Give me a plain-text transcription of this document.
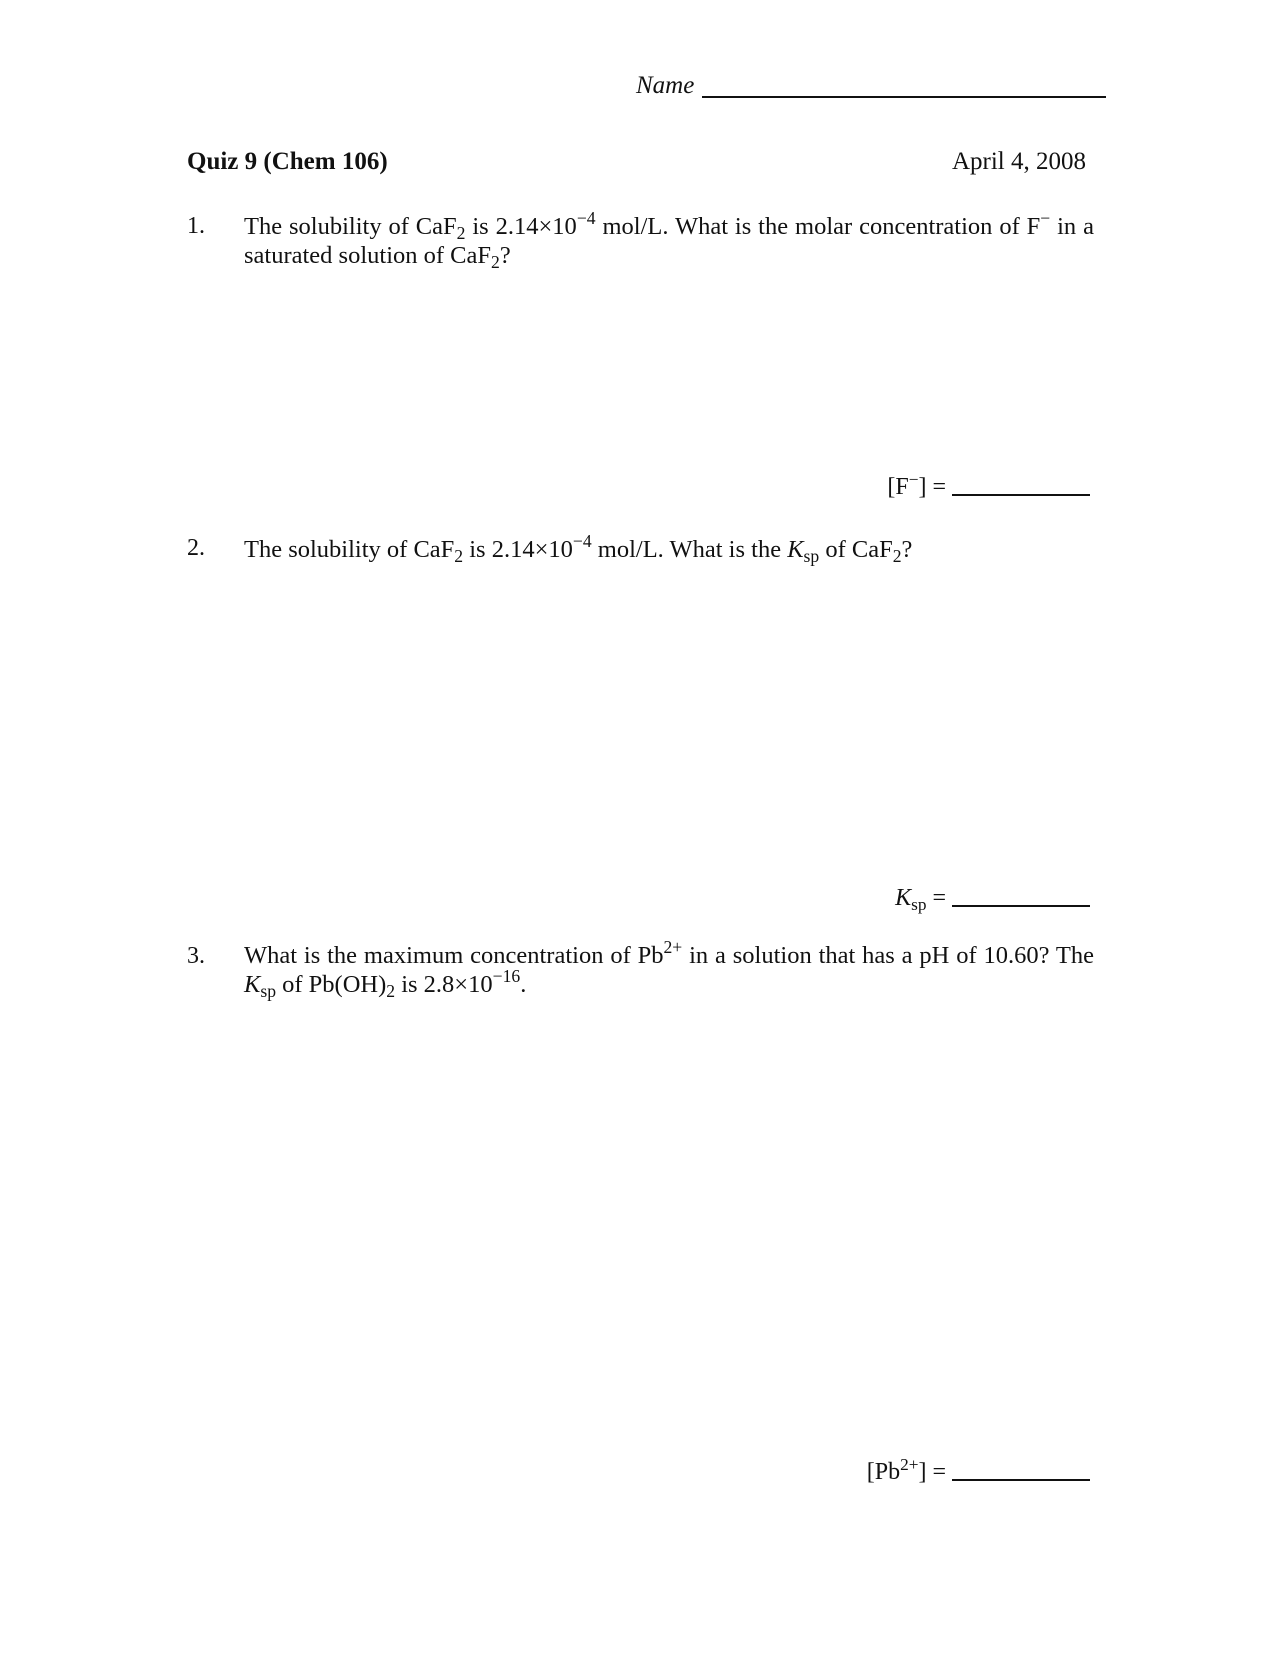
Name
Quiz 9 (Chem 106)	April 4, 2008
1. The solubility of CaF$_2$ is $2.14\times 10^{-4}$ mol/L. What is the molar concentration of F− in a saturated solution of CaF$_2$?
[F−] =
2. The solubility of CaF$_2$ is $2.14\times 10^{-4}$ mol/L. What is the $K_{sp}$ of CaF$_2$?
$K_{sp}$ =
3. What is the maximum concentration of $Pb^{2+}$ in a solution that has a pH of 10.60? The $K_{sp}$ of $Pb(OH)_2$ is $2.8\times 10^{-16}$.
$[Pb^{2+}]$ =
